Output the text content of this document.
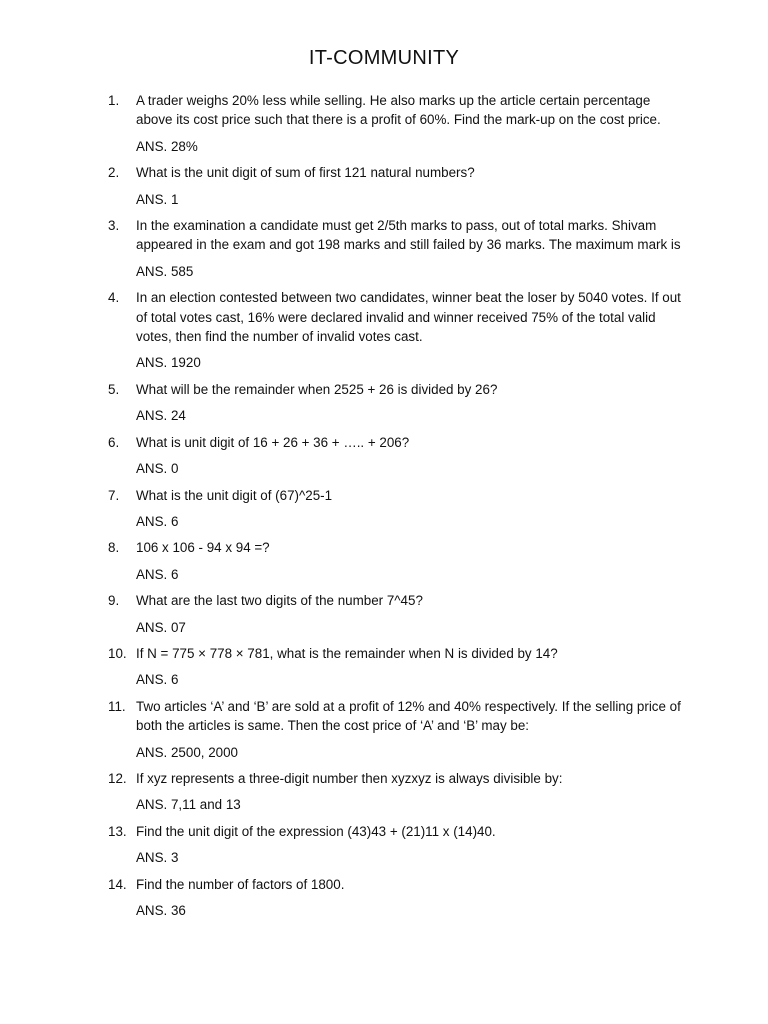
IT-COMMUNITY
1.	A trader weighs 20% less while selling. He also marks up the article certain percentage above its cost price such that there is a profit of 60%. Find the mark-up on the cost price.
ANS. 28%
2.	What is the unit digit of sum of first 121 natural numbers?
ANS. 1
3.	In the examination a candidate must get 2/5th marks to pass, out of total marks. Shivam appeared in the exam and got 198 marks and still failed by 36 marks. The maximum mark is
ANS. 585
4.	In an election contested between two candidates, winner beat the loser by 5040 votes. If out of total votes cast, 16% were declared invalid and winner received 75% of the total valid votes, then find the number of invalid votes cast.
ANS. 1920
5.	What will be the remainder when 2525 + 26 is divided by 26?
ANS. 24
6.	What is unit digit of 16 + 26 + 36 + ….. + 206?
ANS. 0
7.	What is the unit digit of (67)^25-1
ANS. 6
8.	106 x 106 - 94 x 94 =?
ANS. 6
9.	What are the last two digits of the number 7^45?
ANS. 07
10. If N = 775 × 778 × 781, what is the remainder when N is divided by 14?
ANS. 6
11. Two articles ‘A’ and ‘B’ are sold at a profit of 12% and 40% respectively. If the selling price of both the articles is same. Then the cost price of ‘A’ and ‘B’ may be:
ANS. 2500, 2000
12. If xyz represents a three-digit number then xyzxyz is always divisible by:
ANS. 7,11 and 13
13. Find the unit digit of the expression (43)43 + (21)11 x (14)40.
ANS. 3
14. Find the number of factors of 1800.
ANS. 36
